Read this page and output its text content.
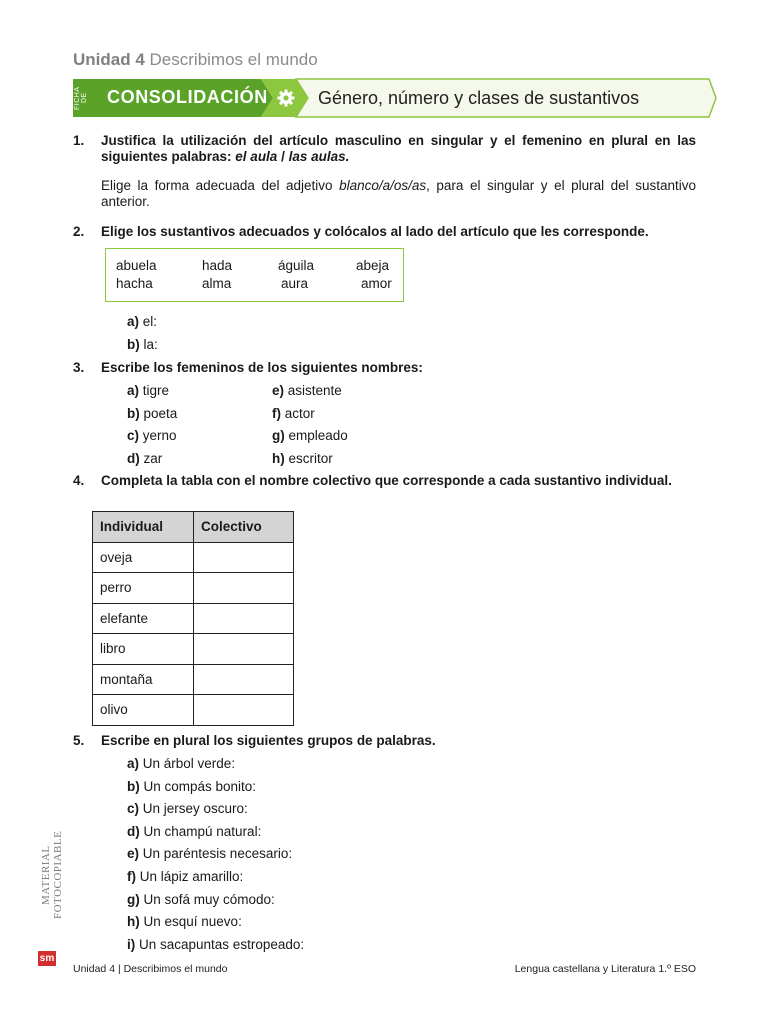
Unidad 4 Describimos el mundo
FICHA DE CONSOLIDACIÓN	Género, número y clases de sustantivos
1. Justifica la utilización del artículo masculino en singular y el femenino en plural en las siguientes palabras: el aula / las aulas.
Elige la forma adecuada del adjetivo blanco/a/os/as, para el singular y el plural del sustantivo anterior.
2. Elige los sustantivos adecuados y colócalos al lado del artículo que les corresponde.
abuela	hada	águila	abeja
hacha	alma	aura	amor
a) el:
b) la:
3. Escribe los femeninos de los siguientes nombres:
a) tigre
b) poeta
c) yerno
d) zar
e) asistente
f) actor
g) empleado
h) escritor
4. Completa la tabla con el nombre colectivo que corresponde a cada sustantivo individual.
Individual	Colectivo
oveja	
perro	
elefante	
libro	
montaña	
olivo	
5. Escribe en plural los siguientes grupos de palabras.
a) Un árbol verde:
b) Un compás bonito:
c) Un jersey oscuro:
d) Un champú natural:
e) Un paréntesis necesario:
f) Un lápiz amarillo:
g) Un sofá muy cómodo:
h) Un esquí nuevo:
i) Un sacapuntas estropeado:
MATERIAL FOTOCOPIABLE
sm
Unidad 4 | Describimos el mundo	Lengua castellana y Literatura 1.º ESO
